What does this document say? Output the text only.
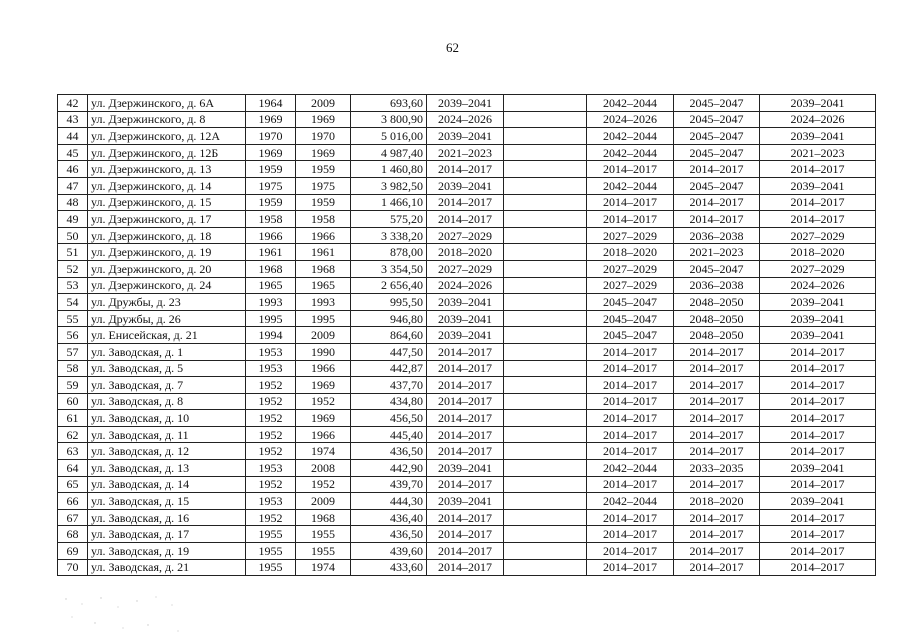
62
42	ул. Дзержинского, д. 6А	1964	2009	693,60	2039–2041		2042–2044	2045–2047	2039–2041
43	ул. Дзержинского, д. 8	1969	1969	3 800,90	2024–2026		2024–2026	2045–2047	2024–2026
44	ул. Дзержинского, д. 12А	1970	1970	5 016,00	2039–2041		2042–2044	2045–2047	2039–2041
45	ул. Дзержинского, д. 12Б	1969	1969	4 987,40	2021–2023		2042–2044	2045–2047	2021–2023
46	ул. Дзержинского, д. 13	1959	1959	1 460,80	2014–2017		2014–2017	2014–2017	2014–2017
47	ул. Дзержинского, д. 14	1975	1975	3 982,50	2039–2041		2042–2044	2045–2047	2039–2041
48	ул. Дзержинского, д. 15	1959	1959	1 466,10	2014–2017		2014–2017	2014–2017	2014–2017
49	ул. Дзержинского, д. 17	1958	1958	575,20	2014–2017		2014–2017	2014–2017	2014–2017
50	ул. Дзержинского, д. 18	1966	1966	3 338,20	2027–2029		2027–2029	2036–2038	2027–2029
51	ул. Дзержинского, д. 19	1961	1961	878,00	2018–2020		2018–2020	2021–2023	2018–2020
52	ул. Дзержинского, д. 20	1968	1968	3 354,50	2027–2029		2027–2029	2045–2047	2027–2029
53	ул. Дзержинского, д. 24	1965	1965	2 656,40	2024–2026		2027–2029	2036–2038	2024–2026
54	ул. Дружбы, д. 23	1993	1993	995,50	2039–2041		2045–2047	2048–2050	2039–2041
55	ул. Дружбы, д. 26	1995	1995	946,80	2039–2041		2045–2047	2048–2050	2039–2041
56	ул. Енисейская, д. 21	1994	2009	864,60	2039–2041		2045–2047	2048–2050	2039–2041
57	ул. Заводская, д. 1	1953	1990	447,50	2014–2017		2014–2017	2014–2017	2014–2017
58	ул. Заводская, д. 5	1953	1966	442,87	2014–2017		2014–2017	2014–2017	2014–2017
59	ул. Заводская, д. 7	1952	1969	437,70	2014–2017		2014–2017	2014–2017	2014–2017
60	ул. Заводская, д. 8	1952	1952	434,80	2014–2017		2014–2017	2014–2017	2014–2017
61	ул. Заводская, д. 10	1952	1969	456,50	2014–2017		2014–2017	2014–2017	2014–2017
62	ул. Заводская, д. 11	1952	1966	445,40	2014–2017		2014–2017	2014–2017	2014–2017
63	ул. Заводская, д. 12	1952	1974	436,50	2014–2017		2014–2017	2014–2017	2014–2017
64	ул. Заводская, д. 13	1953	2008	442,90	2039–2041		2042–2044	2033–2035	2039–2041
65	ул. Заводская, д. 14	1952	1952	439,70	2014–2017		2014–2017	2014–2017	2014–2017
66	ул. Заводская, д. 15	1953	2009	444,30	2039–2041		2042–2044	2018–2020	2039–2041
67	ул. Заводская, д. 16	1952	1968	436,40	2014–2017		2014–2017	2014–2017	2014–2017
68	ул. Заводская, д. 17	1955	1955	436,50	2014–2017		2014–2017	2014–2017	2014–2017
69	ул. Заводская, д. 19	1955	1955	439,60	2014–2017		2014–2017	2014–2017	2014–2017
70	ул. Заводская, д. 21	1955	1974	433,60	2014–2017		2014–2017	2014–2017	2014–2017
